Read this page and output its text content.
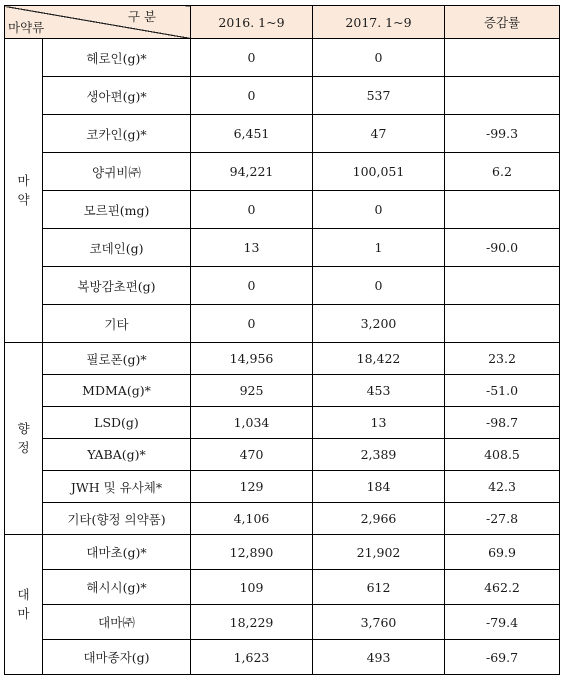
구 분
마약류		2016. 1~9	2017. 1~9	증감률

마
약	헤로인(g)*	0	0	
	생아편(g)*	0	537	
	코카인(g)*	6,451	47	-99.3
	양귀비㈜	94,221	100,051	6.2
	모르핀(mg)	0	0	
	코데인(g)	13	1	-90.0
	복방감초편(g)	0	0	
	기타	0	3,200	

향
정	필로폰(g)*	14,956	18,422	23.2
	MDMA(g)*	925	453	-51.0
	LSD(g)	1,034	13	-98.7
	YABA(g)*	470	2,389	408.5
	JWH 및 유사체*	129	184	42.3
	기타(향정 의약품)	4,106	2,966	-27.8

대
마	대마초(g)*	12,890	21,902	69.9
	해시시(g)*	109	612	462.2
	대마㈜	18,229	3,760	-79.4
	대마종자(g)	1,623	493	-69.7
